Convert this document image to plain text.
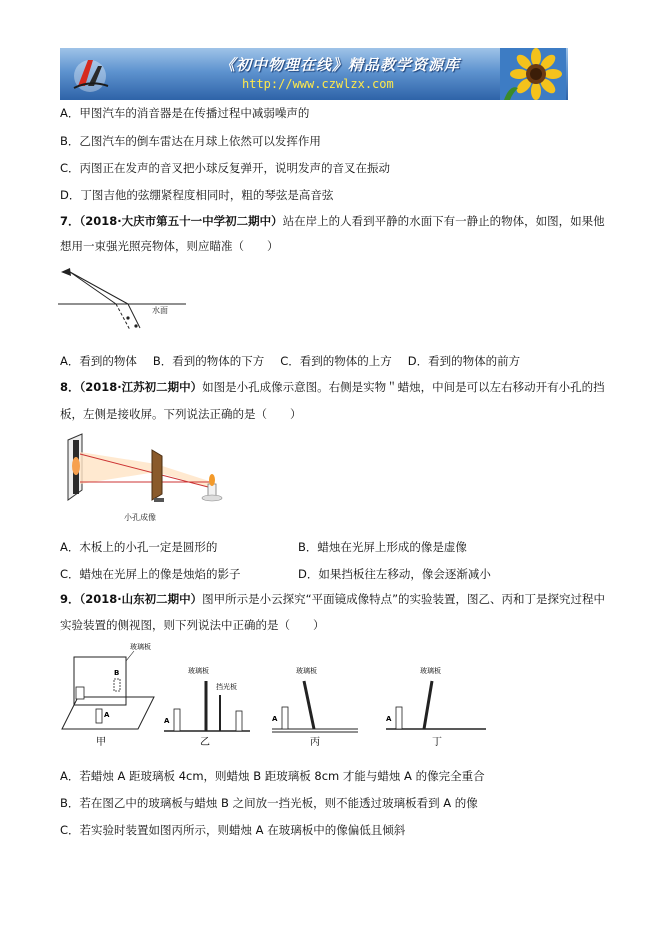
《初中物理在线》精品教学资源库
http://www.czwlzx.com
A．甲图汽车的消音器是在传播过程中减弱噪声的
B．乙图汽车的倒车雷达在月球上依然可以发挥作用
C．丙图正在发声的音叉把小球反复弹开，说明发声的音叉在振动
D．丁图吉他的弦绷紧程度相同时，粗的琴弦是高音弦
7．（2018·大庆市第五十一中学初二期中）站在岸上的人看到平静的水面下有一静止的物体，如图，如果他
想用一束强光照亮物体，则应瞄准（　　）
水面
A．看到的物体 B．看到的物体的下方 C．看到的物体的上方 D．看到的物体的前方
8．（2018·江苏初二期中）如图是小孔成像示意图。右侧是实物＂蜡烛，中间是可以左右移动开有小孔的挡
板，左侧是接收屏。下列说法正确的是（　　）
小孔成像
A．木板上的小孔一定是圆形的	B．蜡烛在光屏上形成的像是虚像
C．蜡烛在光屏上的像是烛焰的影子	D．如果挡板往左移动，像会逐渐减小
9．（2018·山东初二期中）图甲所示是小云探究“平面镜成像特点”的实验装置，图乙、丙和丁是探究过程中
实验装置的侧视图，则下列说法中正确的是（　　）
A
B
玻璃板
甲
A
玻璃板
挡光板
乙
A
玻璃板
丙
A
玻璃板
丁
A．若蜡烛 A 距玻璃板 4cm，则蜡烛 B 距玻璃板 8cm 才能与蜡烛 A 的像完全重合
B．若在图乙中的玻璃板与蜡烛 B 之间放一挡光板，则不能透过玻璃板看到 A 的像
C．若实验时装置如图丙所示，则蜡烛 A 在玻璃板中的像偏低且倾斜
